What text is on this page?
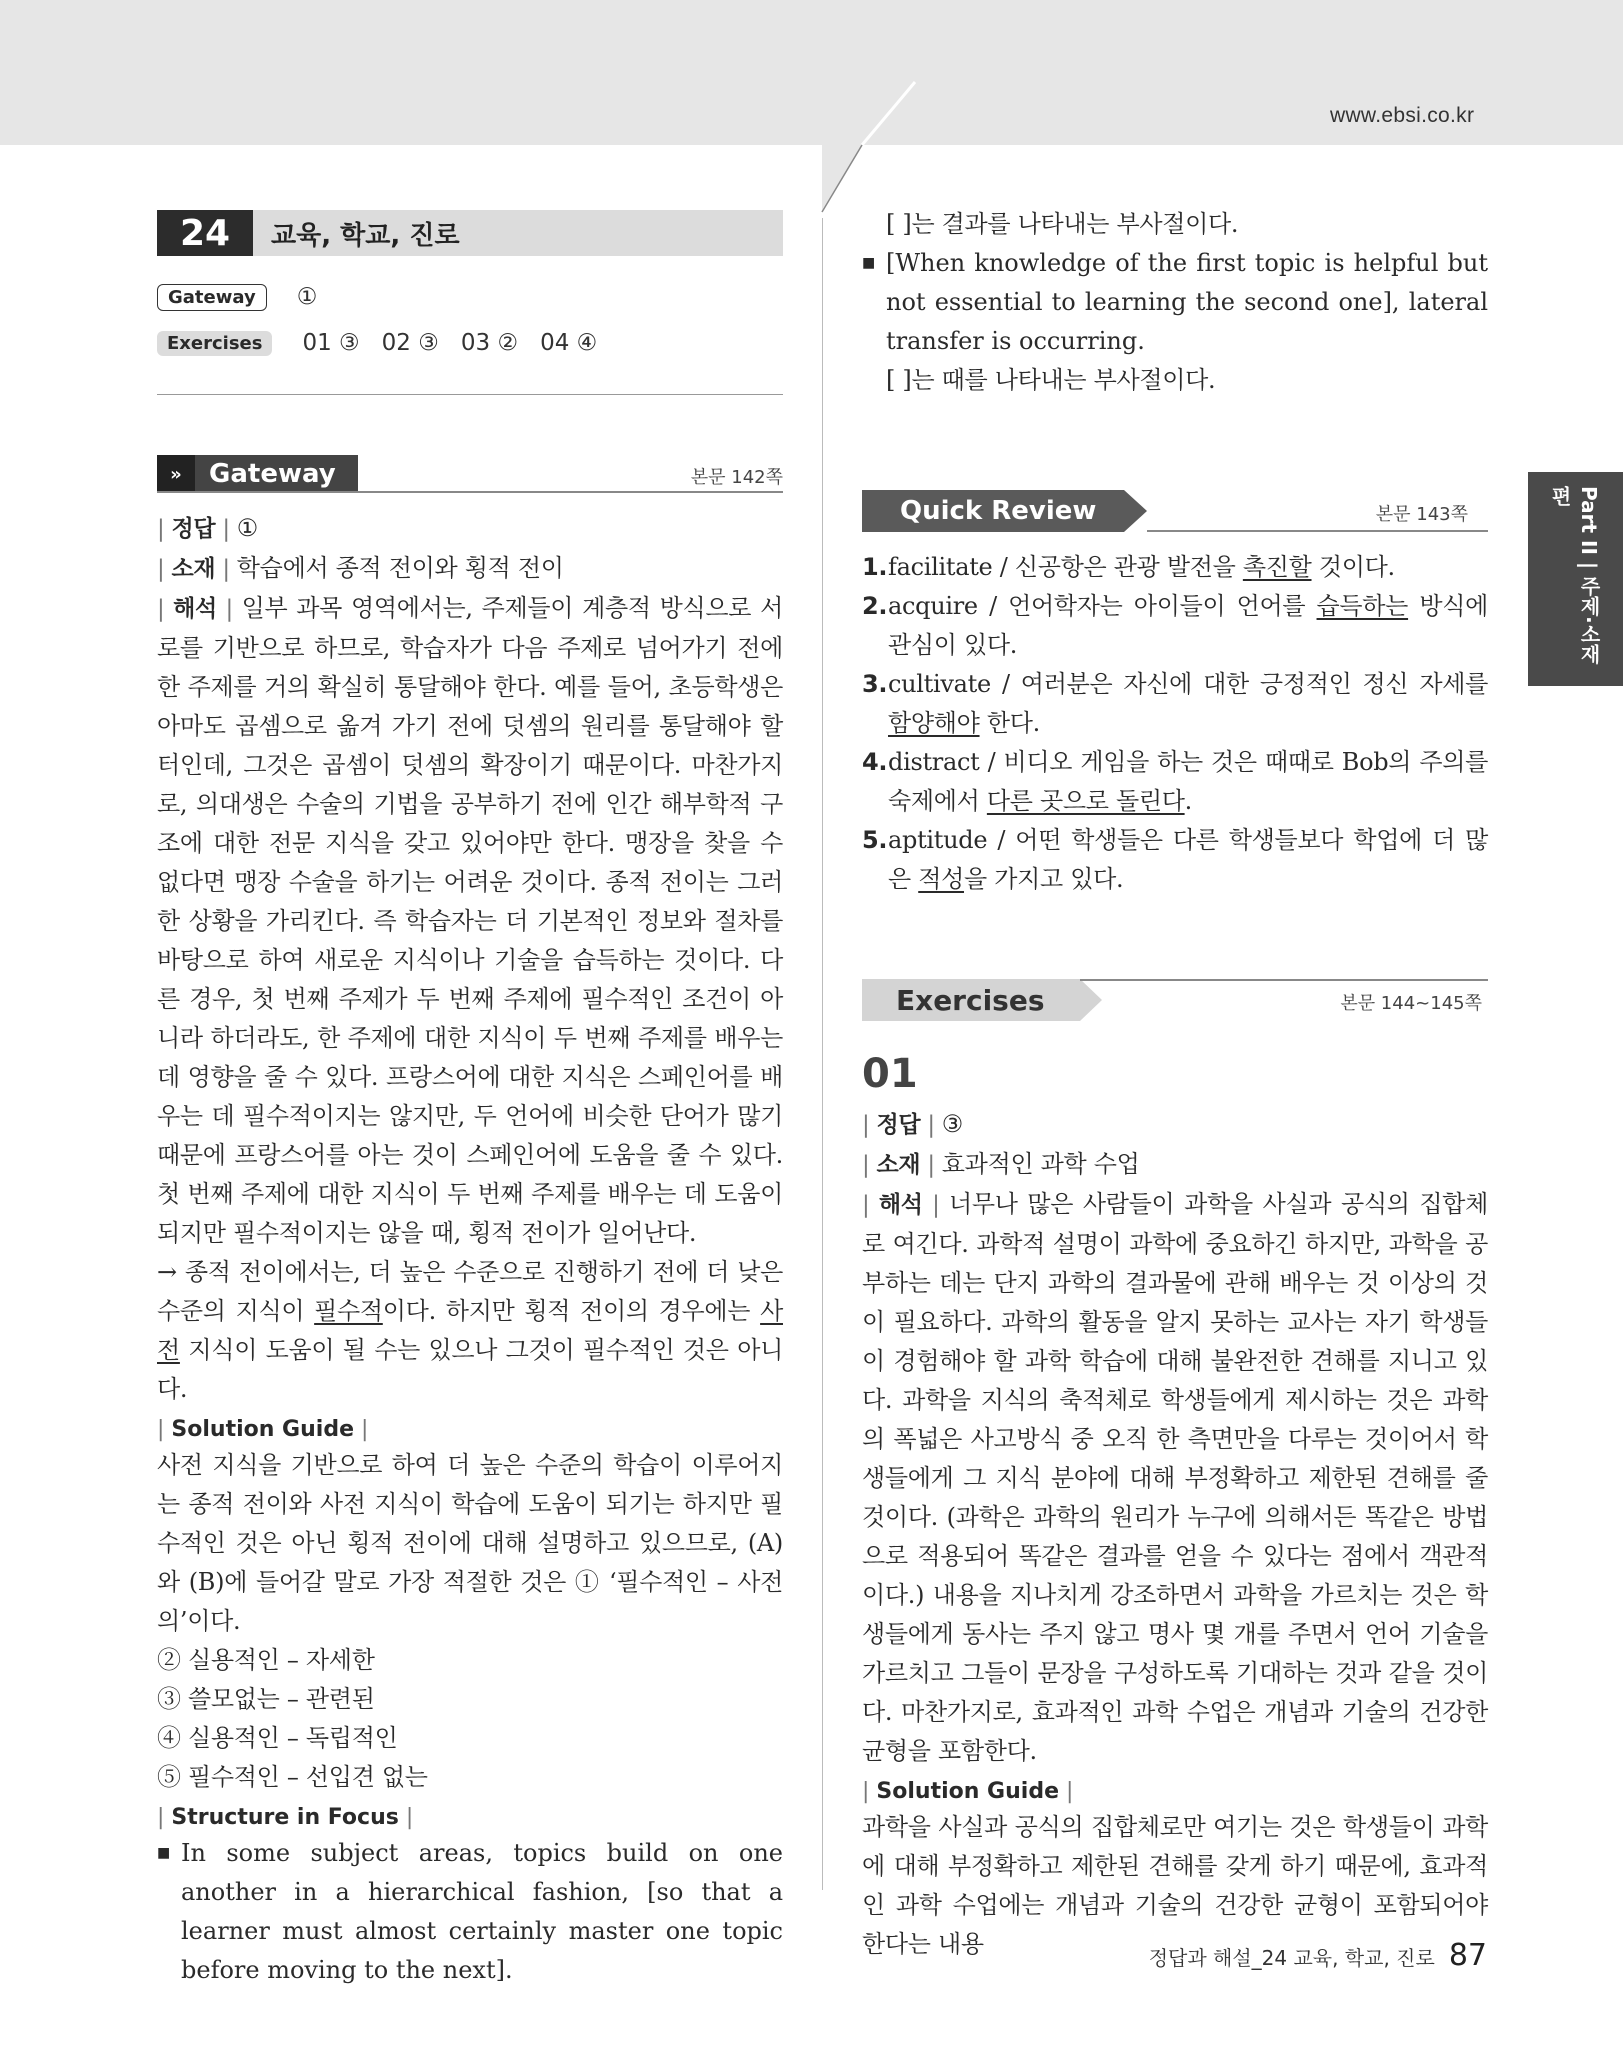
www.ebsi.co.kr
24	교육, 학교, 진로
Gateway	①
Exercises	01 ③ 02 ③ 03 ② 04 ④
»	Gateway	본문 142쪽

| 정답 | ①

| 소재 | 학습에서 종적 전이와 횡적 전이

| 해석 | 일부 과목 영역에서는, 주제들이 계층적 방식으로 서로를 기반으로 하므로, 학습자가 다음 주제로 넘어가기 전에 한 주제를 거의 확실히 통달해야 한다. 예를 들어, 초등학생은 아마도 곱셈으로 옮겨 가기 전에 덧셈의 원리를 통달해야 할 터인데, 그것은 곱셈이 덧셈의 확장이기 때문이다. 마찬가지로, 의대생은 수술의 기법을 공부하기 전에 인간 해부학적 구조에 대한 전문 지식을 갖고 있어야만 한다. 맹장을 찾을 수 없다면 맹장 수술을 하기는 어려운 것이다. 종적 전이는 그러한 상황을 가리킨다. 즉 학습자는 더 기본적인 정보와 절차를 바탕으로 하여 새로운 지식이나 기술을 습득하는 것이다. 다른 경우, 첫 번째 주제가 두 번째 주제에 필수적인 조건이 아니라 하더라도, 한 주제에 대한 지식이 두 번째 주제를 배우는 데 영향을 줄 수 있다. 프랑스어에 대한 지식은 스페인어를 배우는 데 필수적이지는 않지만, 두 언어에 비슷한 단어가 많기 때문에 프랑스어를 아는 것이 스페인어에 도움을 줄 수 있다. 첫 번째 주제에 대한 지식이 두 번째 주제를 배우는 데 도움이 되지만 필수적이지는 않을 때, 횡적 전이가 일어난다.

→ 종적 전이에서는, 더 높은 수준으로 진행하기 전에 더 낮은 수준의 지식이 필수적이다. 하지만 횡적 전이의 경우에는 사전 지식이 도움이 될 수는 있으나 그것이 필수적인 것은 아니다.

| Solution Guide |

사전 지식을 기반으로 하여 더 높은 수준의 학습이 이루어지는 종적 전이와 사전 지식이 학습에 도움이 되기는 하지만 필수적인 것은 아닌 횡적 전이에 대해 설명하고 있으므로, (A)와 (B)에 들어갈 말로 가장 적절한 것은 ① ‘필수적인 – 사전의’이다.

② 실용적인 – 자세한

③ 쓸모없는 – 관련된

④ 실용적인 – 독립적인

⑤ 필수적인 – 선입견 없는

| Structure in Focus |

■ In some subject areas, topics build on one another in a hierarchical fashion, [so that a learner must almost certainly master one topic before moving to the next].

[ ]는 결과를 나타내는 부사절이다.

■ [When knowledge of the first topic is helpful but not essential to learning the second one], lateral transfer is occurring.

[ ]는 때를 나타내는 부사절이다.

Quick Review	본문 143쪽

1. facilitate / 신공항은 관광 발전을 촉진할 것이다.

2. acquire / 언어학자는 아이들이 언어를 습득하는 방식에 관심이 있다.

3. cultivate / 여러분은 자신에 대한 긍정적인 정신 자세를 함양해야 한다.

4. distract / 비디오 게임을 하는 것은 때때로 Bob의 주의를 숙제에서 다른 곳으로 돌린다.

5. aptitude / 어떤 학생들은 다른 학생들보다 학업에 더 많은 적성을 가지고 있다.

Exercises	본문 144~145쪽
01

| 정답 | ③

| 소재 | 효과적인 과학 수업

| 해석 | 너무나 많은 사람들이 과학을 사실과 공식의 집합체로 여긴다. 과학적 설명이 과학에 중요하긴 하지만, 과학을 공부하는 데는 단지 과학의 결과물에 관해 배우는 것 이상의 것이 필요하다. 과학의 활동을 알지 못하는 교사는 자기 학생들이 경험해야 할 과학 학습에 대해 불완전한 견해를 지니고 있다. 과학을 지식의 축적체로 학생들에게 제시하는 것은 과학의 폭넓은 사고방식 중 오직 한 측면만을 다루는 것이어서 학생들에게 그 지식 분야에 대해 부정확하고 제한된 견해를 줄 것이다. (과학은 과학의 원리가 누구에 의해서든 똑같은 방법으로 적용되어 똑같은 결과를 얻을 수 있다는 점에서 객관적이다.) 내용을 지나치게 강조하면서 과학을 가르치는 것은 학생들에게 동사는 주지 않고 명사 몇 개를 주면서 언어 기술을 가르치고 그들이 문장을 구성하도록 기대하는 것과 같을 것이다. 마찬가지로, 효과적인 과학 수업은 개념과 기술의 건강한 균형을 포함한다.

| Solution Guide |

과학을 사실과 공식의 집합체로만 여기는 것은 학생들이 과학에 대해 부정확하고 제한된 견해를 갖게 하기 때문에, 효과적인 과학 수업에는 개념과 기술의 건강한 균형이 포함되어야 한다는 내용

Part II | 주제·소재편
정답과 해설_24 교육, 학교, 진로 87
